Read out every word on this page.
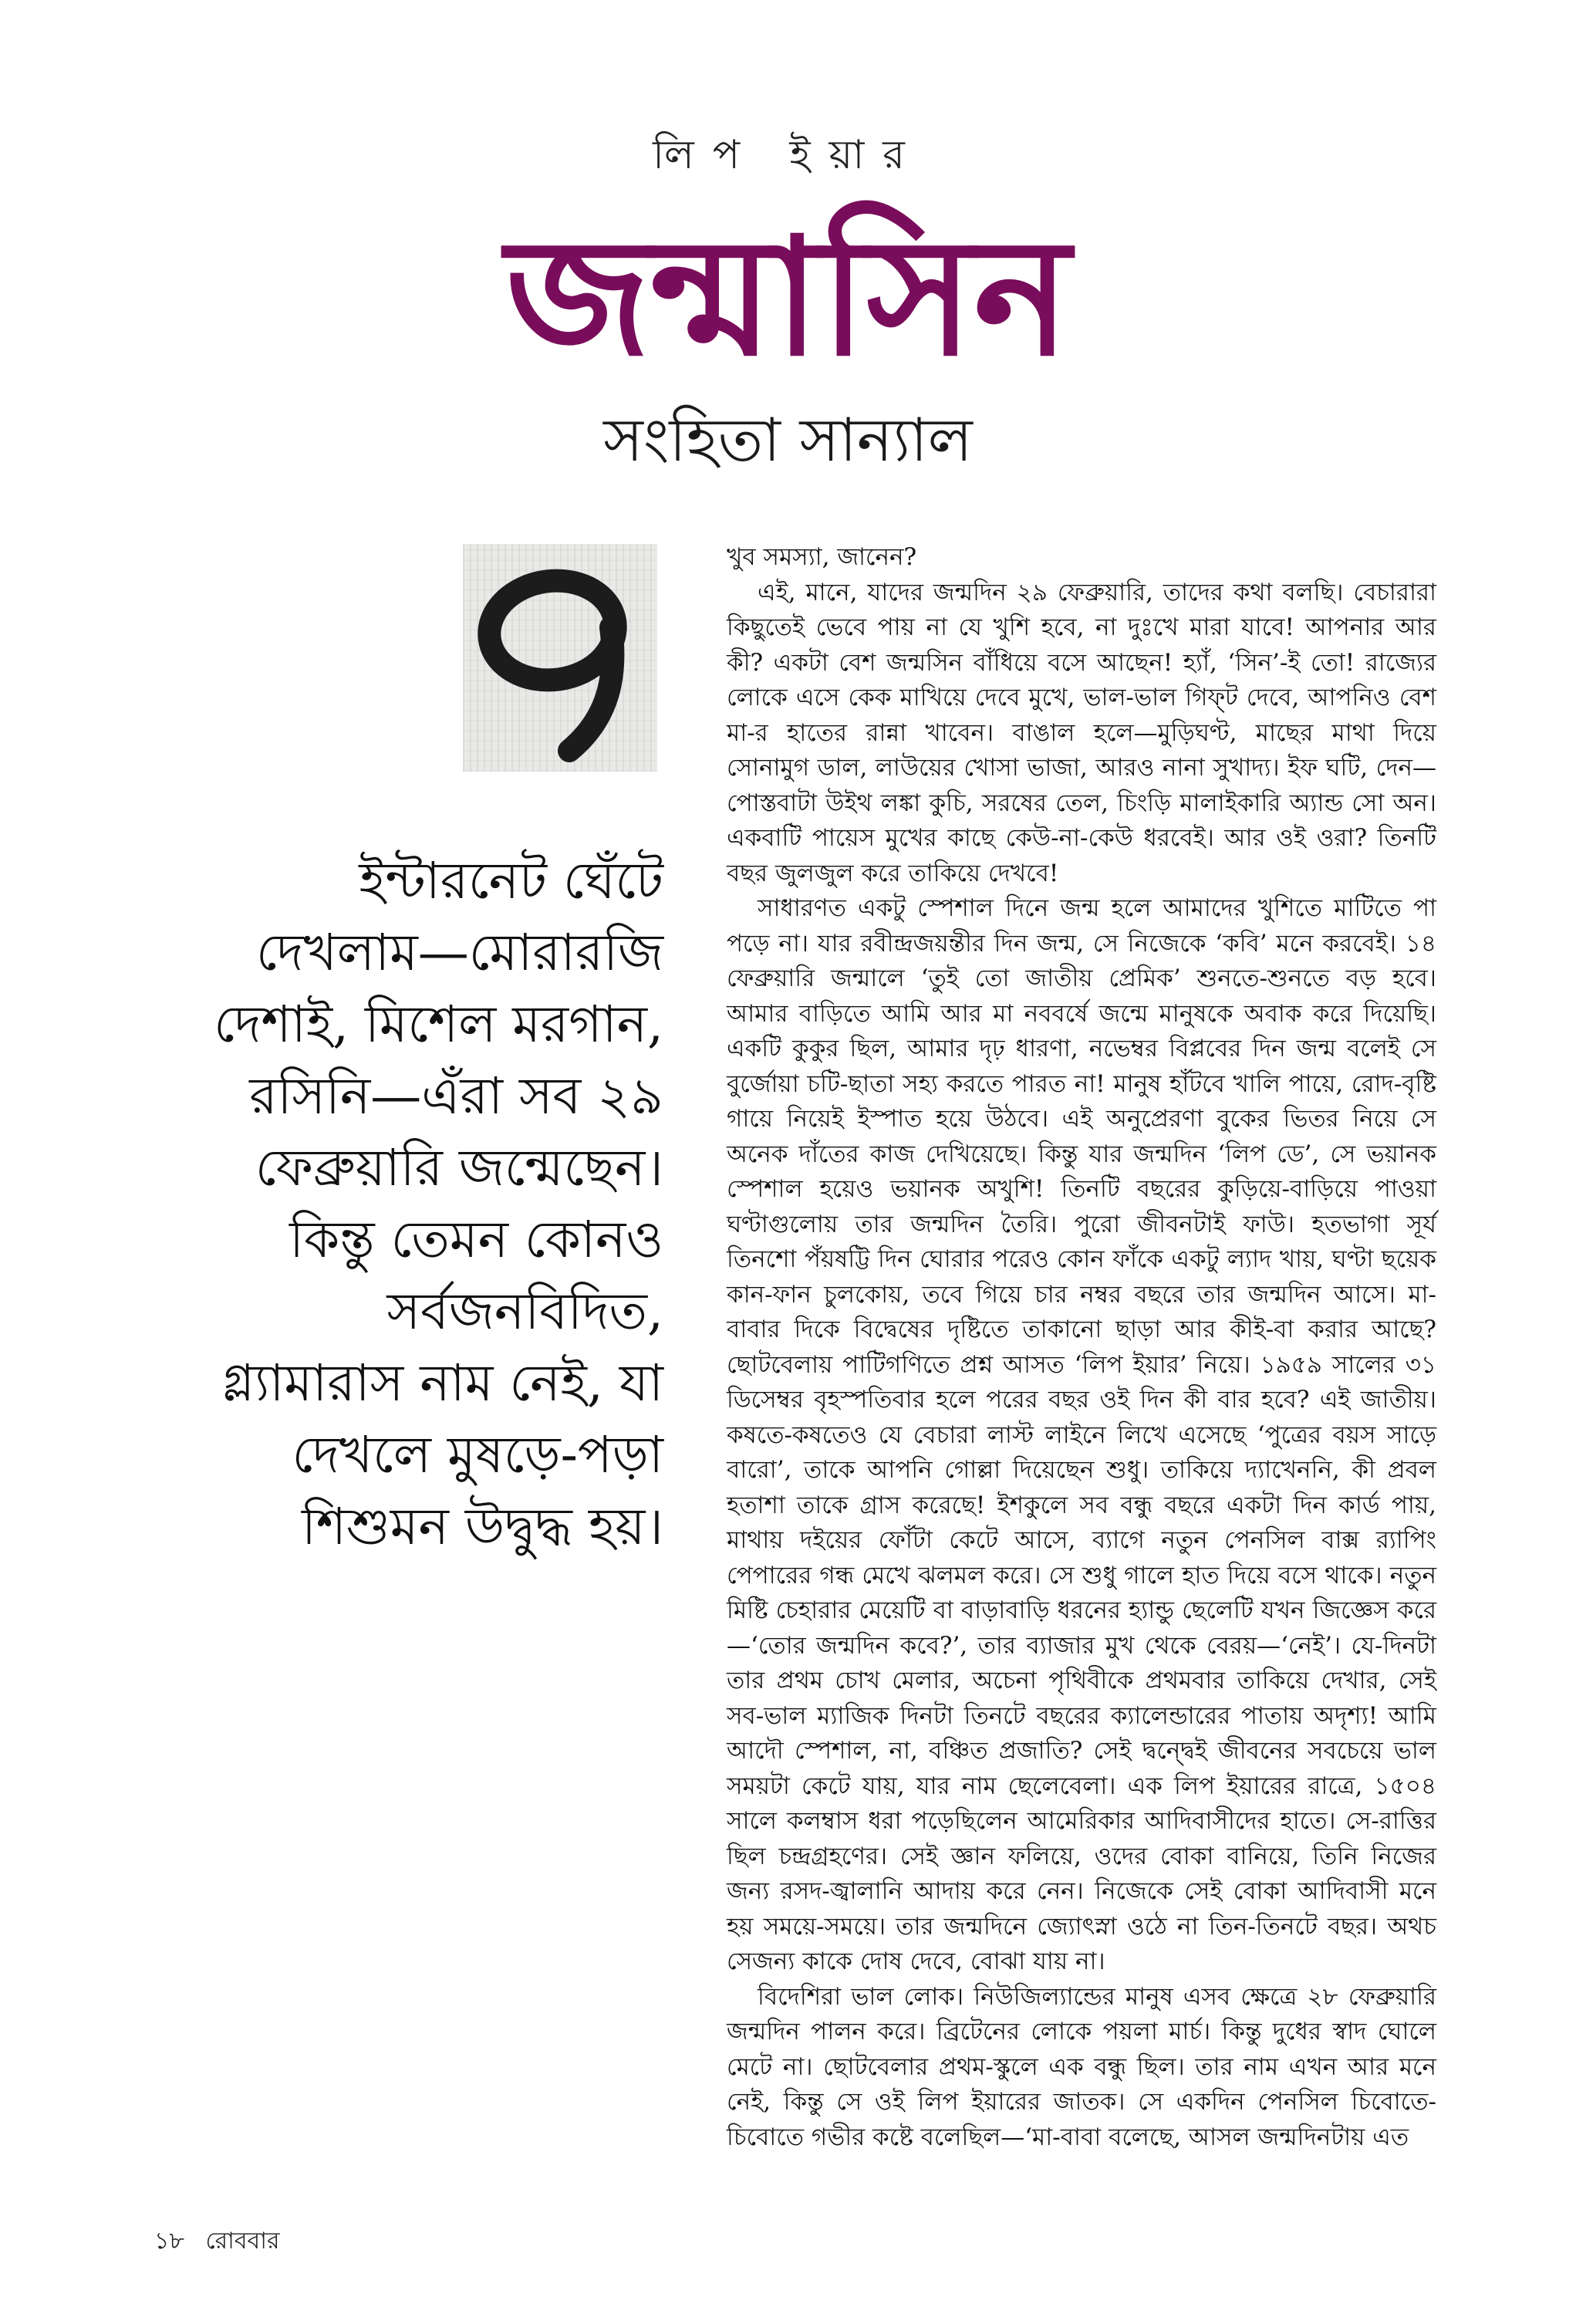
লিপ ইয়ার
জন্মাসিন
সংহিতা সান্যাল
ইন্টারনেট ঘেঁটে
দেখলাম—মোরারজি
দেশাই, মিশেল মরগান,
রসিনি—এঁরা সব ২৯
ফেব্রুয়ারি জন্মেছেন।
কিন্তু তেমন কোনও
সর্বজনবিদিত,
গ্ল্যামারাস নাম নেই, যা
দেখলে মুষড়ে-পড়া
শিশুমন উদ্বুদ্ধ হয়।

খুব সমস্যা, জানেন?

এই, মানে, যাদের জন্মদিন ২৯ ফেব্রুয়ারি, তাদের কথা বলছি। বেচারারা কিছুতেই ভেবে পায় না যে খুশি হবে, না দুঃখে মারা যাবে! আপনার আর কী? একটা বেশ জন্মসিন বাঁধিয়ে বসে আছেন! হ্যাঁ, ‘সিন’-ই তো! রাজ্যের লোকে এসে কেক মাখিয়ে দেবে মুখে, ভাল-ভাল গিফ্‌ট দেবে, আপনিও বেশ মা-র হাতের রান্না খাবেন। বাঙাল হলে—মুড়িঘণ্ট, মাছের মাথা দিয়ে সোনামুগ ডাল, লাউয়ের খোসা ভাজা, আরও নানা সুখাদ্য। ইফ ঘটি, দেন—পোস্তবাটা উইথ লঙ্কা কুচি, সরষের তেল, চিংড়ি মালাইকারি অ্যান্ড সো অন। একবাটি পায়েস মুখের কাছে কেউ-না-কেউ ধরবেই। আর ওই ওরা? তিনটি বছর জুলজুল করে তাকিয়ে দেখবে!

সাধারণত একটু স্পেশাল দিনে জন্ম হলে আমাদের খুশিতে মাটিতে পা পড়ে না। যার রবীন্দ্রজয়ন্তীর দিন জন্ম, সে নিজেকে ‘কবি’ মনে করবেই। ১৪ ফেব্রুয়ারি জন্মালে ‘তুই তো জাতীয় প্রেমিক’ শুনতে-শুনতে বড় হবে। আমার বাড়িতে আমি আর মা নববর্ষে জন্মে মানুষকে অবাক করে দিয়েছি। একটি কুকুর ছিল, আমার দৃঢ় ধারণা, নভেম্বর বিপ্লবের দিন জন্ম বলেই সে বুর্জোয়া চটি-ছাতা সহ্য করতে পারত না! মানুষ হাঁটবে খালি পায়ে, রোদ-বৃষ্টি গায়ে নিয়েই ইস্পাত হয়ে উঠবে। এই অনুপ্রেরণা বুকের ভিতর নিয়ে সে অনেক দাঁতের কাজ দেখিয়েছে। কিন্তু যার জন্মদিন ‘লিপ ডে’, সে ভয়ানক স্পেশাল হয়েও ভয়ানক অখুশি! তিনটি বছরের কুড়িয়ে-বাড়িয়ে পাওয়া ঘণ্টাগুলোয় তার জন্মদিন তৈরি। পুরো জীবনটাই ফাউ। হতভাগা সূর্য তিনশো পঁয়ষট্টি দিন ঘোরার পরেও কোন ফাঁকে একটু ল্যাদ খায়, ঘণ্টা ছয়েক কান-ফান চুলকোয়, তবে গিয়ে চার নম্বর বছরে তার জন্মদিন আসে। মা-বাবার দিকে বিদ্বেষের দৃষ্টিতে তাকানো ছাড়া আর কীই-বা করার আছে? ছোটবেলায় পাটিগণিতে প্রশ্ন আসত ‘লিপ ইয়ার’ নিয়ে। ১৯৫৯ সালের ৩১ ডিসেম্বর বৃহস্পতিবার হলে পরের বছর ওই দিন কী বার হবে? এই জাতীয়। কষতে-কষতেও যে বেচারা লাস্ট লাইনে লিখে এসেছে ‘পুত্রের বয়স সাড়ে বারো’, তাকে আপনি গোল্লা দিয়েছেন শুধু। তাকিয়ে দ্যাখেননি, কী প্রবল হতাশা তাকে গ্রাস করেছে! ইশকুলে সব বন্ধু বছরে একটা দিন কার্ড পায়, মাথায় দইয়ের ফোঁটা কেটে আসে, ব্যাগে নতুন পেনসিল বাক্স র‌্যাপিং পেপারের গন্ধ মেখে ঝলমল করে। সে শুধু গালে হাত দিয়ে বসে থাকে। নতুন মিষ্টি চেহারার মেয়েটি বা বাড়াবাড়ি ধরনের হ্যান্ডু ছেলেটি যখন জিজ্ঞেস করে—‘তোর জন্মদিন কবে?’, তার ব্যাজার মুখ থেকে বেরয়—‘নেই’। যে-দিনটা তার প্রথম চোখ মেলার, অচেনা পৃথিবীকে প্রথমবার তাকিয়ে দেখার, সেই সব-ভাল ম্যাজিক দিনটা তিনটে বছরের ক্যালেন্ডারের পাতায় অদৃশ্য! আমি আদৌ স্পেশাল, না, বঞ্চিত প্রজাতি? সেই দ্বন্দ্বেই জীবনের সবচেয়ে ভাল সময়টা কেটে যায়, যার নাম ছেলেবেলা। এক লিপ ইয়ারের রাত্রে, ১৫০৪ সালে কলম্বাস ধরা পড়েছিলেন আমেরিকার আদিবাসীদের হাতে। সে-রাত্তির ছিল চন্দ্রগ্রহণের। সেই জ্ঞান ফলিয়ে, ওদের বোকা বানিয়ে, তিনি নিজের জন্য রসদ-জ্বালানি আদায় করে নেন। নিজেকে সেই বোকা আদিবাসী মনে হয় সময়ে-সময়ে। তার জন্মদিনে জ্যোৎস্না ওঠে না তিন-তিনটে বছর। অথচ সেজন্য কাকে দোষ দেবে, বোঝা যায় না।

বিদেশিরা ভাল লোক। নিউজিল্যান্ডের মানুষ এসব ক্ষেত্রে ২৮ ফেব্রুয়ারি জন্মদিন পালন করে। ব্রিটেনের লোকে পয়লা মার্চ। কিন্তু দুধের স্বাদ ঘোলে মেটে না। ছোটবেলার প্রথম-স্কুলে এক বন্ধু ছিল। তার নাম এখন আর মনে নেই, কিন্তু সে ওই লিপ ইয়ারের জাতক। সে একদিন পেনসিল চিবোতে-চিবোতে গভীর কষ্টে বলেছিল—‘মা-বাবা বলেছে, আসল জন্মদিনটায় এত

১৮ রোববার
